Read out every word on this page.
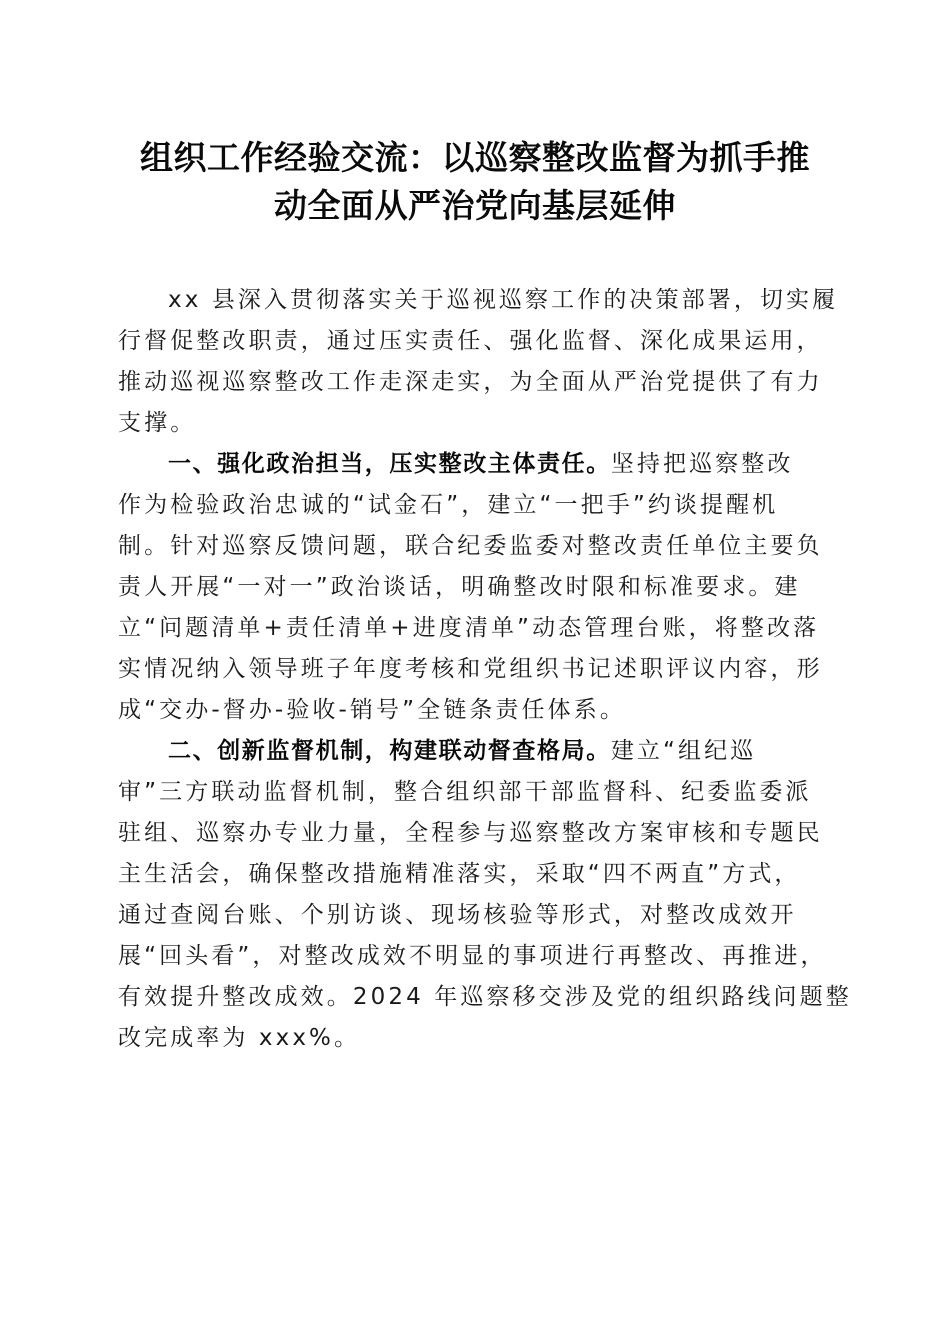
组织工作经验交流：以巡察整改监督为抓手推
动全面从严治党向基层延伸
xx 县深入贯彻落实关于巡视巡察工作的决策部署，切实履
行督促整改职责，通过压实责任、强化监督、深化成果运用，
推动巡视巡察整改工作走深走实，为全面从严治党提供了有力
支撑。
一、强化政治担当，压实整改主体责任。坚持把巡察整改
作为检验政治忠诚的“试金石”，建立“一把手”约谈提醒机
制。针对巡察反馈问题，联合纪委监委对整改责任单位主要负
责人开展“一对一”政治谈话，明确整改时限和标准要求。建
立“问题清单+责任清单+进度清单”动态管理台账，将整改落
实情况纳入领导班子年度考核和党组织书记述职评议内容，形
成“交办-督办-验收-销号”全链条责任体系。
二、创新监督机制，构建联动督查格局。建立“组纪巡
审”三方联动监督机制，整合组织部干部监督科、纪委监委派
驻组、巡察办专业力量，全程参与巡察整改方案审核和专题民
主生活会，确保整改措施精准落实，采取“四不两直”方式，
通过查阅台账、个别访谈、现场核验等形式，对整改成效开
展“回头看”，对整改成效不明显的事项进行再整改、再推进，
有效提升整改成效。2024 年巡察移交涉及党的组织路线问题整
改完成率为 xxx%。
